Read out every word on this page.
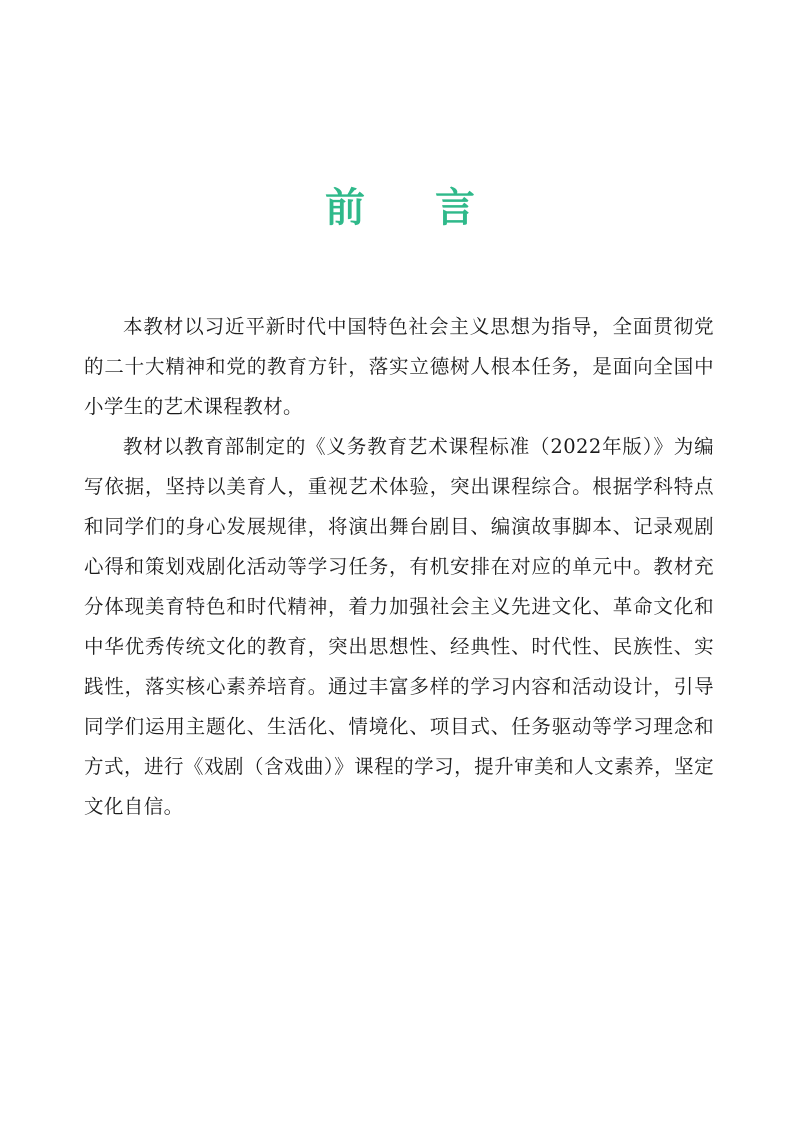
前 言

本教材以习近平新时代中国特色社会主义思想为指导，全面贯彻党的二十大精神和党的教育方针，落实立德树人根本任务，是面向全国中小学生的艺术课程教材。

教材以教育部制定的《义务教育艺术课程标准（2022年版）》为编写依据，坚持以美育人，重视艺术体验，突出课程综合。根据学科特点和同学们的身心发展规律，将演出舞台剧目、编演故事脚本、记录观剧心得和策划戏剧化活动等学习任务，有机安排在对应的单元中。教材充分体现美育特色和时代精神，着力加强社会主义先进文化、革命文化和中华优秀传统文化的教育，突出思想性、经典性、时代性、民族性、实践性，落实核心素养培育。通过丰富多样的学习内容和活动设计，引导同学们运用主题化、生活化、情境化、项目式、任务驱动等学习理念和方式，进行《戏剧（含戏曲）》课程的学习，提升审美和人文素养，坚定文化自信。
